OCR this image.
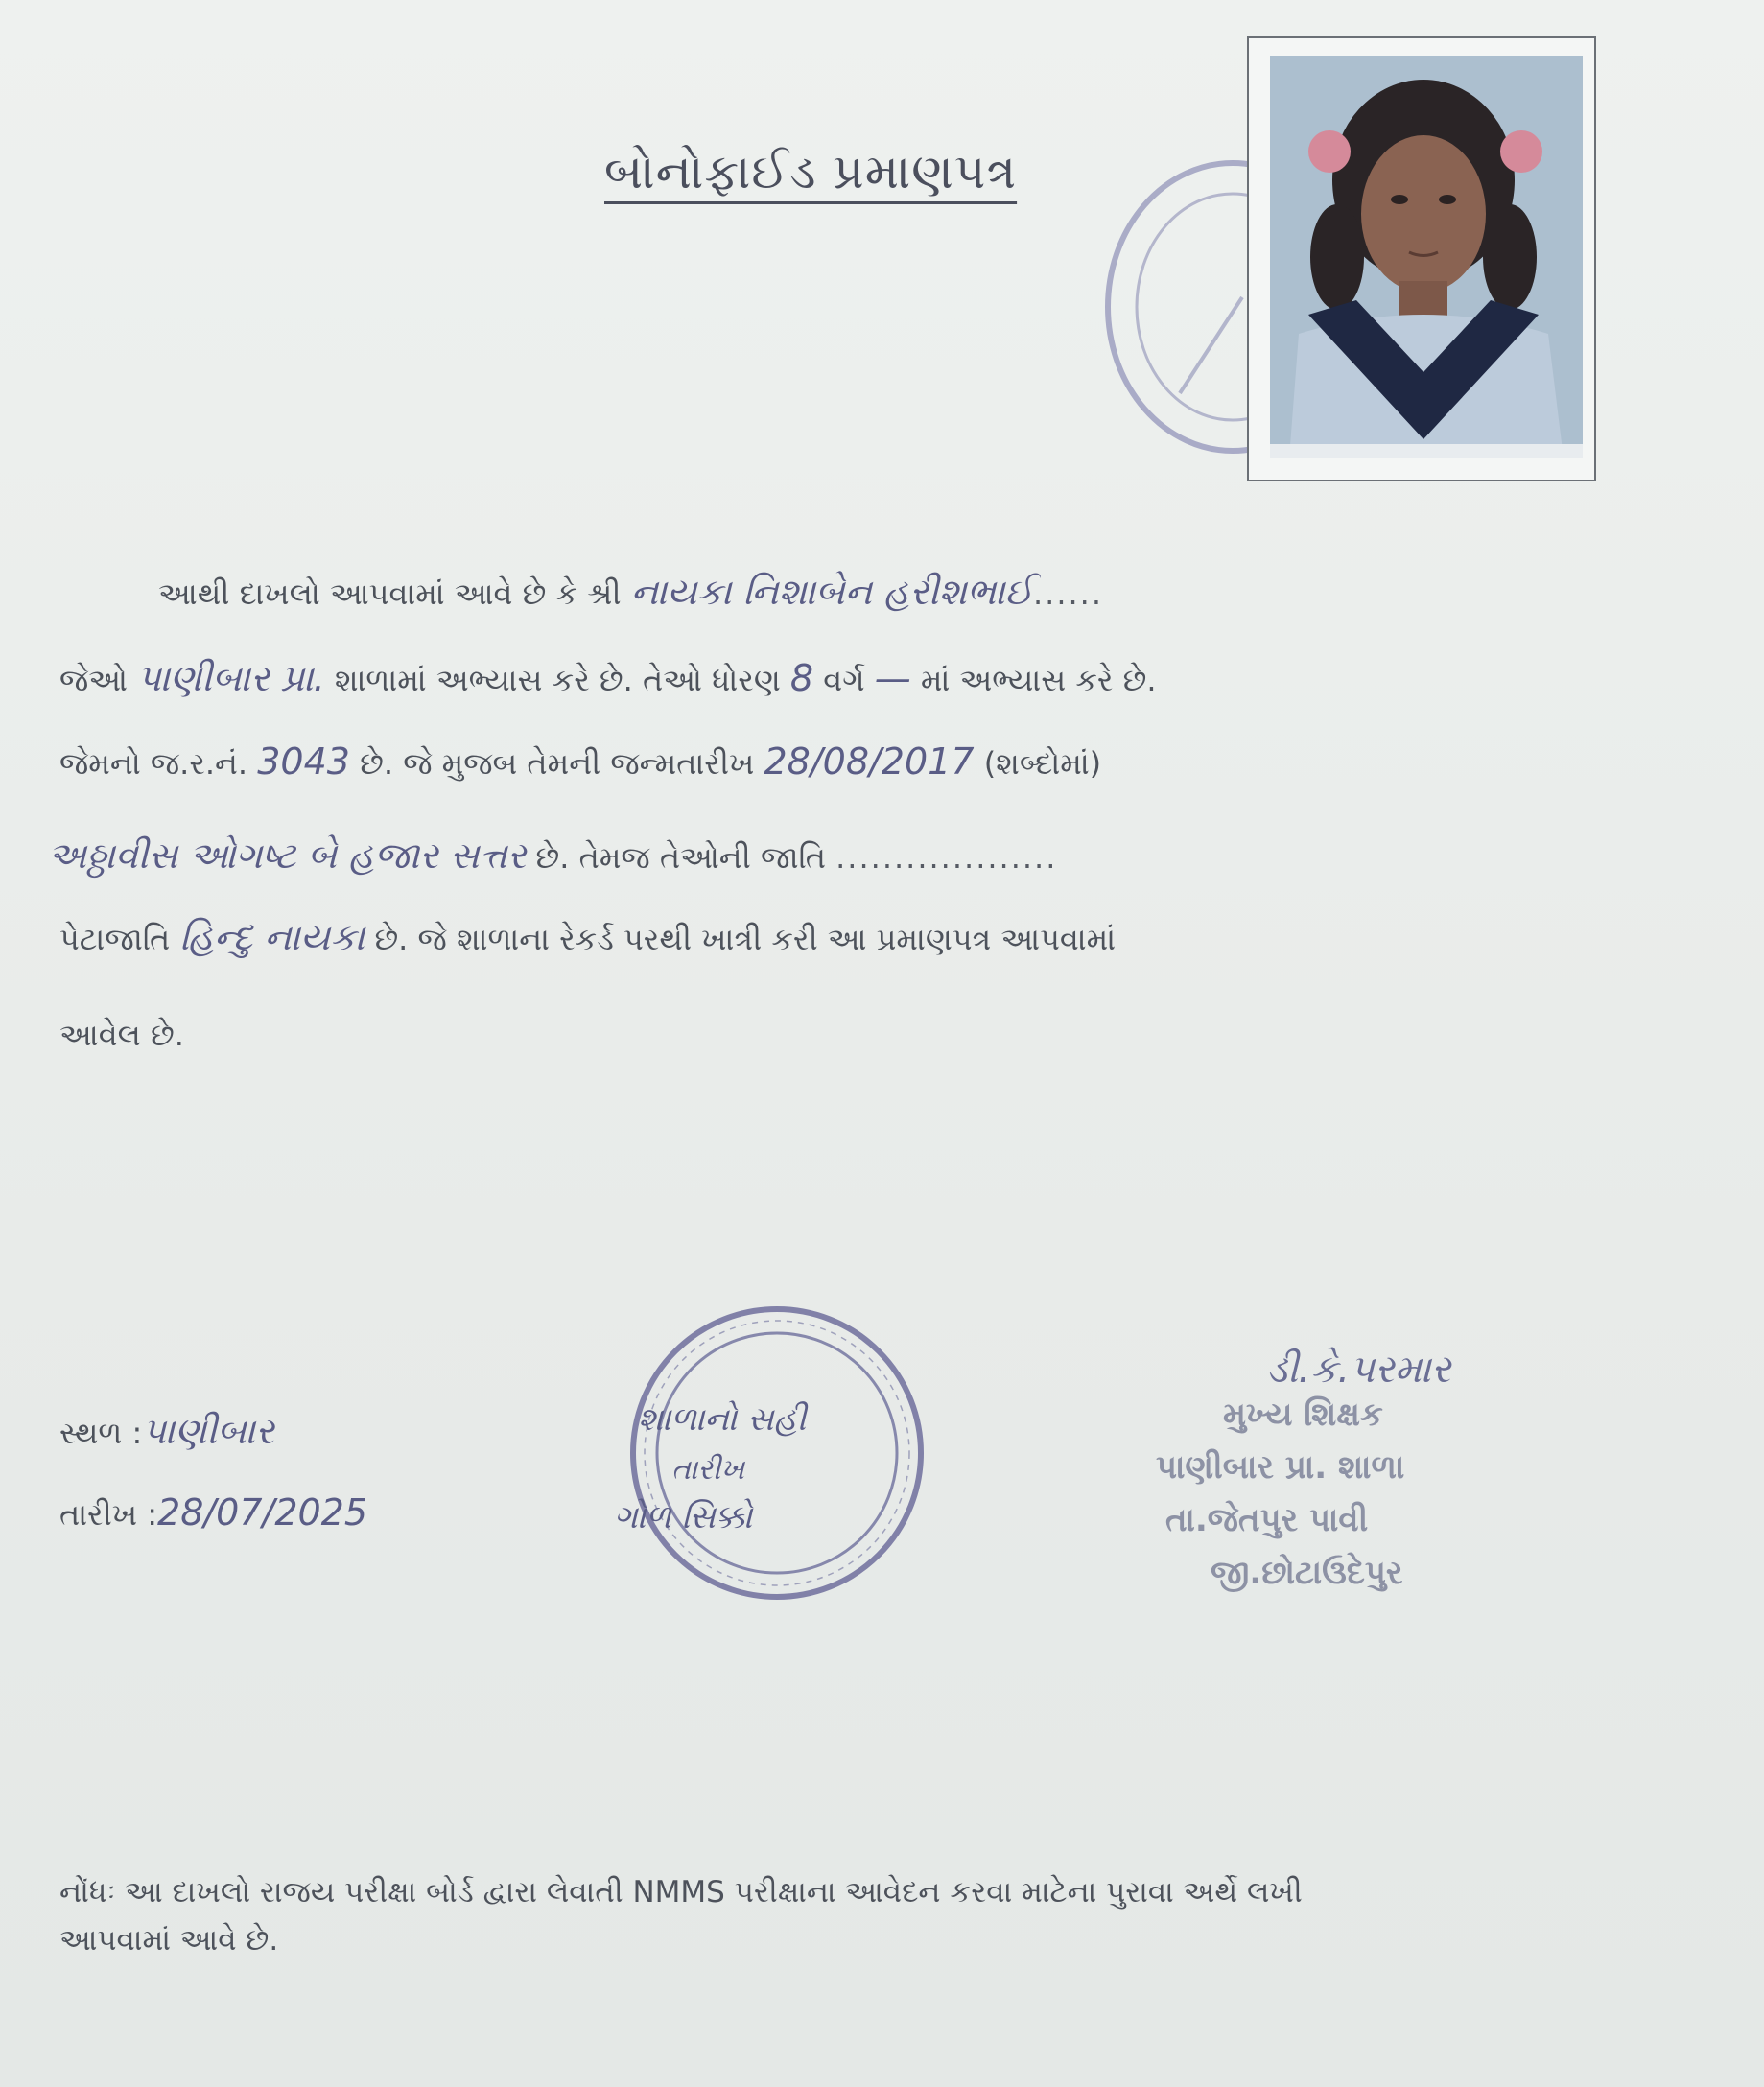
બોનોફાઈડ પ્રમાણપત્ર
આથી દાખલો આપવામાં આવે છે કે શ્રી નાયકા નિશાબેન હરીશભાઈ......
જેઓ પાણીબાર પ્રા. શાળામાં અભ્યાસ કરે છે. તેઓ ધોરણ 8 વર્ગ — માં અભ્યાસ કરે છે.
જેમનો જ.ર.નં. 3043 છે. જે મુજબ તેમની જન્મતારીખ 28/08/2017 (શબ્દોમાં)
અઠ્ઠાવીસ ઓગષ્ટ બે હજાર સત્તર છે. તેમજ તેઓની જાતિ ...................
પેટાજાતિ હિન્દુ નાયકા છે. જે શાળાના રેકર્ડ પરથી ખાત્રી કરી આ પ્રમાણપત્ર આપવામાં
આવેલ છે.
સ્થળ :પાણીબાર
તારીખ :28/07/2025
શાળાનો સહી
તારીખ
ગોળ સિક્કો
ડી.કે.પરમાર
મુખ્ય શિક્ષક
પાણીબાર પ્રા. શાળા
તા.જેતપુર પાવી
જી.છોટાઉદેપુર
નોંધઃ આ દાખલો રાજય પરીક્ષા બોર્ડ દ્વારા લેવાતી NMMS પરીક્ષાના આવેદન કરવા માટેના પુરાવા અર્થે લખી
આપવામાં આવે છે.
